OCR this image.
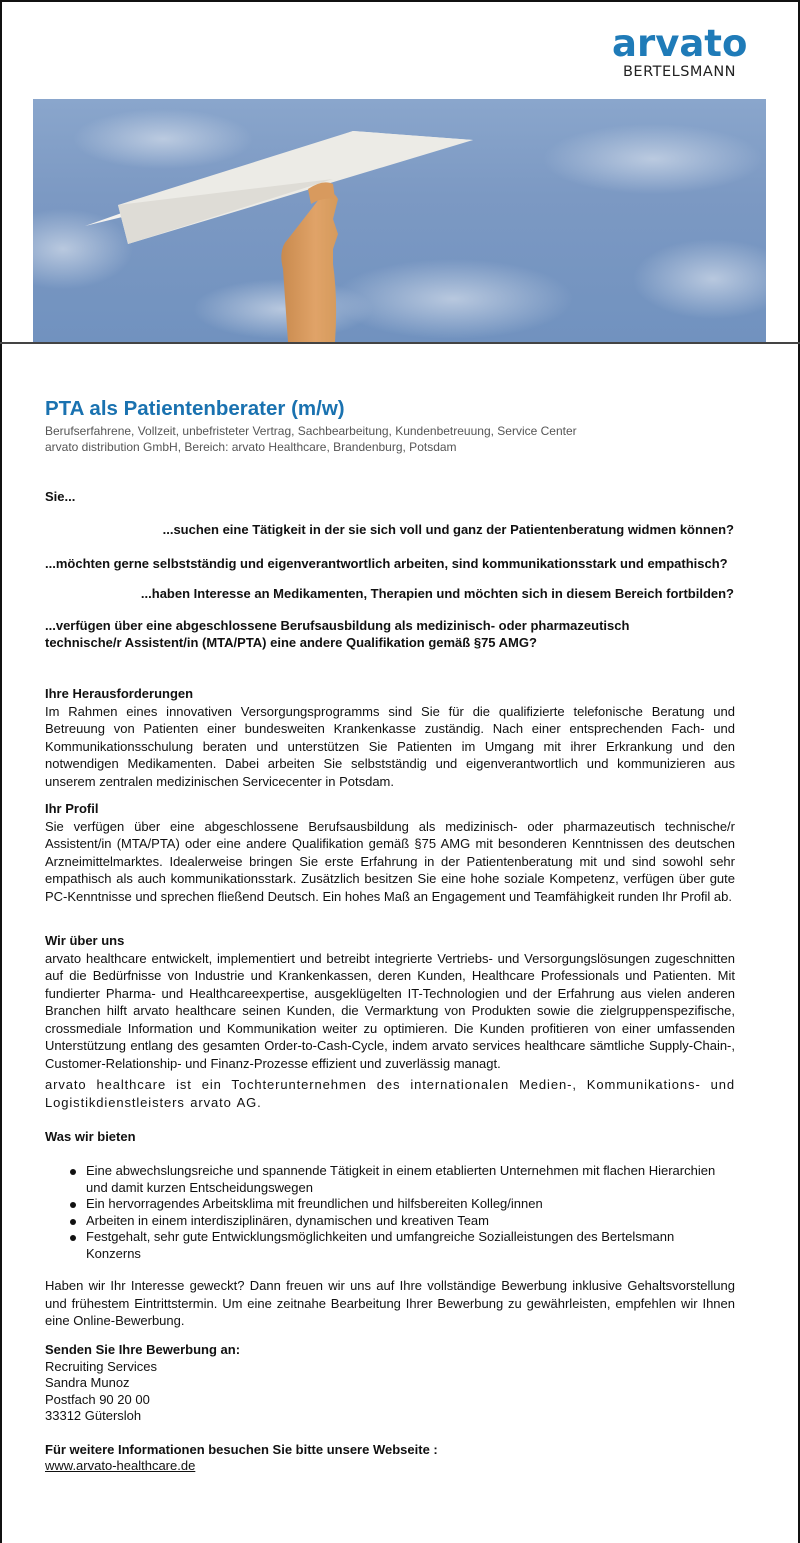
arvato
BERTELSMANN
PTA als Patientenberater (m/w)
Berufserfahrene, Vollzeit, unbefristeter Vertrag, Sachbearbeitung, Kundenbetreuung, Service Center
arvato distribution GmbH, Bereich: arvato Healthcare, Brandenburg, Potsdam
Sie...
...suchen eine Tätigkeit in der sie sich voll und ganz der Patientenberatung widmen können?
...möchten gerne selbstständig und eigenverantwortlich arbeiten, sind kommunikationsstark und empathisch?
...haben Interesse an Medikamenten, Therapien und möchten sich in diesem Bereich fortbilden?
...verfügen über eine abgeschlossene Berufsausbildung als medizinisch- oder pharmazeutisch technische/r Assistent/in (MTA/PTA) eine andere Qualifikation gemäß §75 AMG?
Ihre Herausforderungen
Im Rahmen eines innovativen Versorgungsprogramms sind Sie für die qualifizierte telefonische Beratung und Betreuung von Patienten einer bundesweiten Krankenkasse zuständig. Nach einer entsprechenden Fach- und Kommunikationsschulung beraten und unterstützen Sie Patienten im Umgang mit ihrer Erkrankung und den notwendigen Medikamenten. Dabei arbeiten Sie selbstständig und eigenverantwortlich und kommunizieren aus unserem zentralen medizinischen Servicecenter in Potsdam.
Ihr Profil
Sie verfügen über eine abgeschlossene Berufsausbildung als medizinisch- oder pharmazeutisch technische/r Assistent/in (MTA/PTA) oder eine andere Qualifikation gemäß §75 AMG mit besonderen Kenntnissen des deutschen Arzneimittelmarktes. Idealerweise bringen Sie erste Erfahrung in der Patientenberatung mit und sind sowohl sehr empathisch als auch kommunikationsstark. Zusätzlich besitzen Sie eine hohe soziale Kompetenz, verfügen über gute PC-Kenntnisse und sprechen fließend Deutsch. Ein hohes Maß an Engagement und Teamfähigkeit runden Ihr Profil ab.
Wir über uns
arvato healthcare entwickelt, implementiert und betreibt integrierte Vertriebs- und Versorgungslösungen zugeschnitten auf die Bedürfnisse von Industrie und Krankenkassen, deren Kunden, Healthcare Professionals und Patienten. Mit fundierter Pharma- und Healthcareexpertise, ausgeklügelten IT-Technologien und der Erfahrung aus vielen anderen Branchen hilft arvato healthcare seinen Kunden, die Vermarktung von Produkten sowie die zielgruppenspezifische, crossmediale Information und Kommunikation weiter zu optimieren. Die Kunden profitieren von einer umfassenden Unterstützung entlang des gesamten Order-to-Cash-Cycle, indem arvato services healthcare sämtliche Supply-Chain-, Customer-Relationship- und Finanz-Prozesse effizient und zuverlässig managt.
arvato healthcare ist ein Tochterunternehmen des internationalen Medien-, Kommunikations- und Logistikdienstleisters arvato AG.
Was wir bieten
Eine abwechslungsreiche und spannende Tätigkeit in einem etablierten Unternehmen mit flachen Hierarchien und damit kurzen Entscheidungswegen
Ein hervorragendes Arbeitsklima mit freundlichen und hilfsbereiten Kolleg/innen
Arbeiten in einem interdisziplinären, dynamischen und kreativen Team
Festgehalt, sehr gute Entwicklungsmöglichkeiten und umfangreiche Sozialleistungen des Bertelsmann Konzerns
Haben wir Ihr Interesse geweckt? Dann freuen wir uns auf Ihre vollständige Bewerbung inklusive Gehaltsvorstellung und frühestem Eintrittstermin. Um eine zeitnahe Bearbeitung Ihrer Bewerbung zu gewährleisten, empfehlen wir Ihnen eine Online-Bewerbung.
Senden Sie Ihre Bewerbung an:
Recruiting Services
Sandra Munoz
Postfach 90 20 00
33312 Gütersloh
Für weitere Informationen besuchen Sie bitte unsere Webseite :
www.arvato-healthcare.de
